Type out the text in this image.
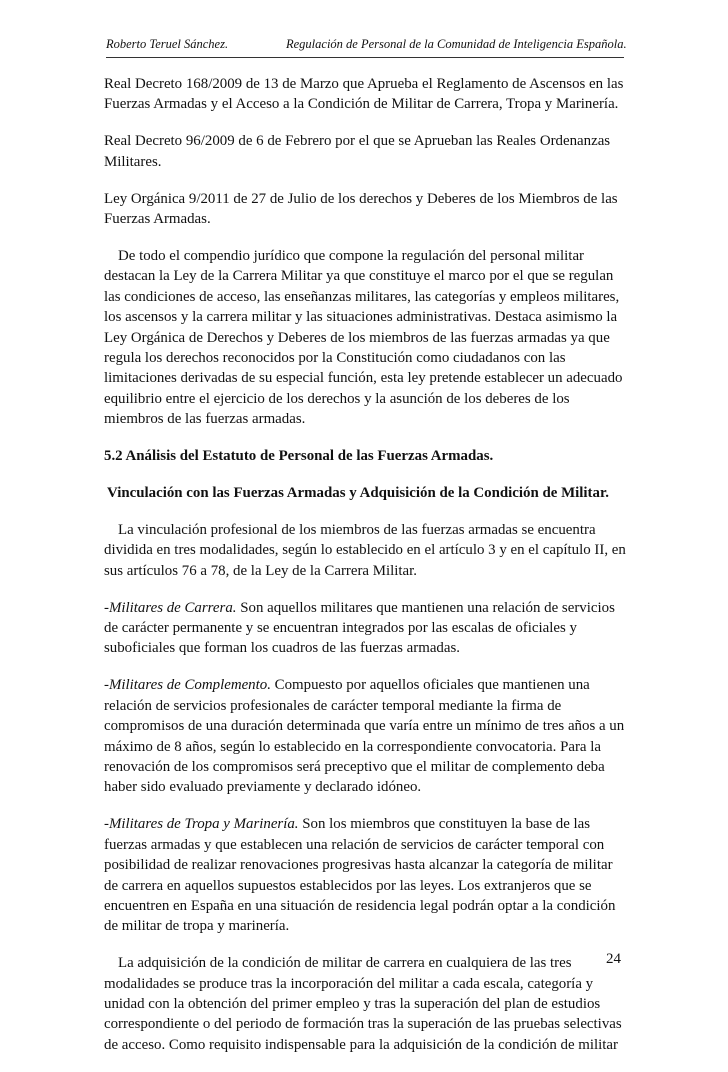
Roberto Teruel Sánchez.	Regulación de Personal de la Comunidad de Inteligencia Española.

Real Decreto 168/2009 de 13 de Marzo que Aprueba el Reglamento de Ascensos en las Fuerzas Armadas y el Acceso a la Condición de Militar de Carrera, Tropa y Marinería.

Real Decreto 96/2009 de 6 de Febrero por el que se Aprueban las Reales Ordenanzas Militares.

Ley Orgánica 9/2011 de 27 de Julio de los derechos y Deberes de los Miembros de las Fuerzas Armadas.

De todo el compendio jurídico que compone la regulación del personal militar destacan la Ley de la Carrera Militar ya que constituye el marco por el que se regulan las condiciones de acceso, las enseñanzas militares, las categorías y empleos militares, los ascensos y la carrera militar y las situaciones administrativas. Destaca asimismo la Ley Orgánica de Derechos y Deberes de los miembros de las fuerzas armadas ya que regula los derechos reconocidos por la Constitución como ciudadanos con las limitaciones derivadas de su especial función, esta ley pretende establecer un adecuado equilibrio entre el ejercicio de los derechos y la asunción de los deberes de los miembros de las fuerzas armadas.

5.2 Análisis del Estatuto de Personal de las Fuerzas Armadas.
Vinculación con las Fuerzas Armadas y Adquisición de la Condición de Militar.

La vinculación profesional de los miembros de las fuerzas armadas se encuentra dividida en tres modalidades, según lo establecido en el artículo 3 y en el capítulo II, en sus artículos 76 a 78, de la Ley de la Carrera Militar.

-Militares de Carrera. Son aquellos militares que mantienen una relación de servicios de carácter permanente y se encuentran integrados por las escalas de oficiales y suboficiales que forman los cuadros de las fuerzas armadas.

-Militares de Complemento. Compuesto por aquellos oficiales que mantienen una relación de servicios profesionales de carácter temporal mediante la firma de compromisos de una duración determinada que varía entre un mínimo de tres años a un máximo de 8 años, según lo establecido en la correspondiente convocatoria. Para la renovación de los compromisos será preceptivo que el militar de complemento deba haber sido evaluado previamente y declarado idóneo.

-Militares de Tropa y Marinería. Son los miembros que constituyen la base de las fuerzas armadas y que establecen una relación de servicios de carácter temporal con posibilidad de realizar renovaciones progresivas hasta alcanzar la categoría de militar de carrera en aquellos supuestos establecidos por las leyes. Los extranjeros que se encuentren en España en una situación de residencia legal podrán optar a la condición de militar de tropa y marinería.

La adquisición de la condición de militar de carrera en cualquiera de las tres modalidades se produce tras la incorporación del militar a cada escala, categoría y unidad con la obtención del primer empleo y tras la superación del plan de estudios correspondiente o del periodo de formación tras la superación de las pruebas selectivas de acceso. Como requisito indispensable para la adquisición de la condición de militar

24
